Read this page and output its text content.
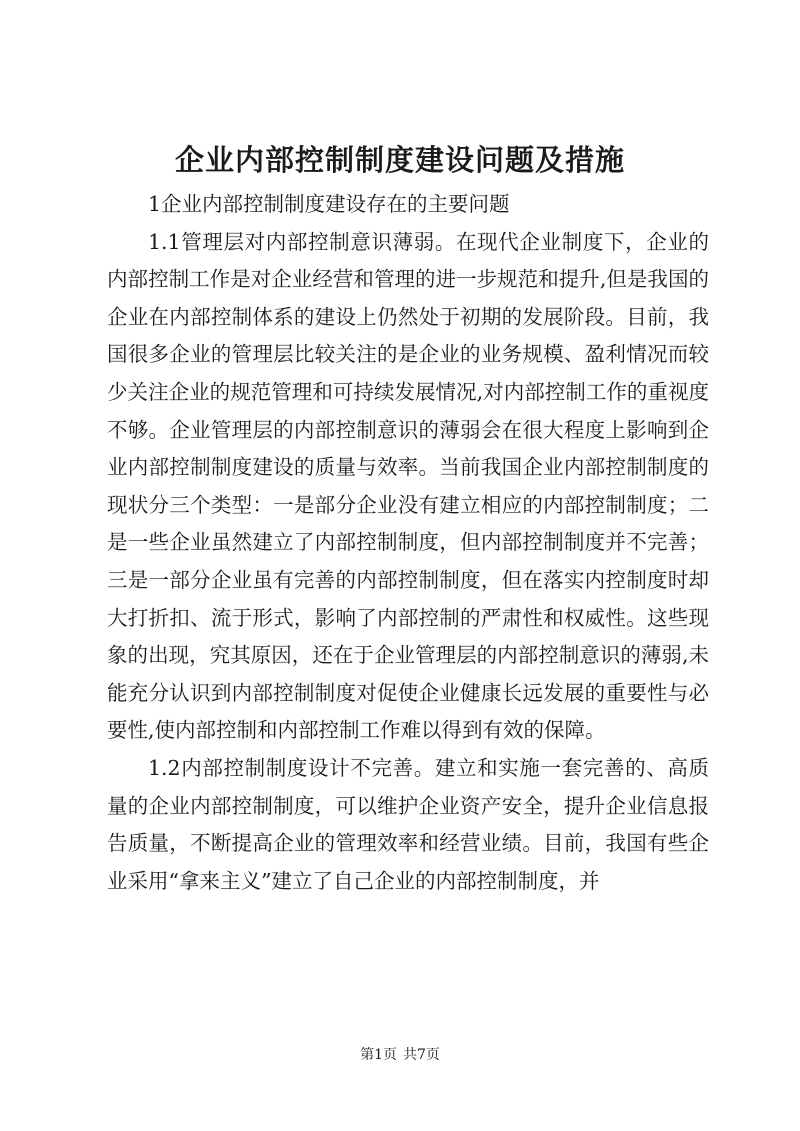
企业内部控制制度建设问题及措施

1企业内部控制制度建设存在的主要问题

1.1管理层对内部控制意识薄弱。在现代企业制度下，企业的内部控制工作是对企业经营和管理的进一步规范和提升,但是我国的企业在内部控制体系的建设上仍然处于初期的发展阶段。目前，我国很多企业的管理层比较关注的是企业的业务规模、盈利情况而较少关注企业的规范管理和可持续发展情况,对内部控制工作的重视度不够。企业管理层的内部控制意识的薄弱会在很大程度上影响到企业内部控制制度建设的质量与效率。当前我国企业内部控制制度的现状分三个类型：一是部分企业没有建立相应的内部控制制度；二是一些企业虽然建立了内部控制制度，但内部控制制度并不完善；三是一部分企业虽有完善的内部控制制度，但在落实内控制度时却大打折扣、流于形式，影响了内部控制的严肃性和权威性。这些现象的出现，究其原因，还在于企业管理层的内部控制意识的薄弱,未能充分认识到内部控制制度对促使企业健康长远发展的重要性与必要性,使内部控制和内部控制工作难以得到有效的保障。

1.2内部控制制度设计不完善。建立和实施一套完善的、高质量的企业内部控制制度，可以维护企业资产安全，提升企业信息报告质量，不断提高企业的管理效率和经营业绩。目前，我国有些企业采用“拿来主义”建立了自己企业的内部控制制度，并

第1页 共7页
